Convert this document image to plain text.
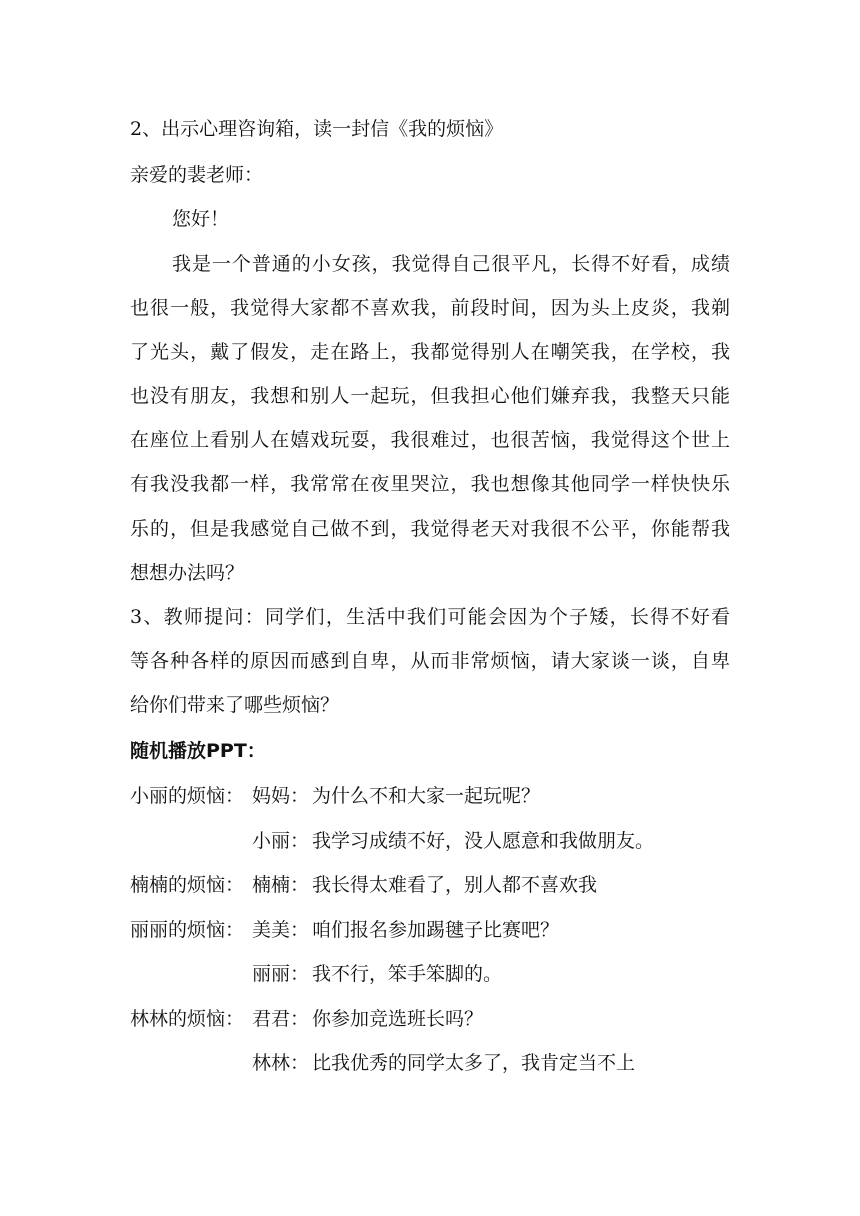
2、出示心理咨询箱，读一封信《我的烦恼》
亲爱的裴老师：
您好！
我是一个普通的小女孩，我觉得自己很平凡，长得不好看，成绩
也很一般，我觉得大家都不喜欢我，前段时间，因为头上皮炎，我剃
了光头，戴了假发，走在路上，我都觉得别人在嘲笑我，在学校，我
也没有朋友，我想和别人一起玩，但我担心他们嫌弃我，我整天只能
在座位上看别人在嬉戏玩耍，我很难过，也很苦恼，我觉得这个世上
有我没我都一样，我常常在夜里哭泣，我也想像其他同学一样快快乐
乐的，但是我感觉自己做不到，我觉得老天对我很不公平，你能帮我
想想办法吗？
3、教师提问：同学们，生活中我们可能会因为个子矮，长得不好看
等各种各样的原因而感到自卑，从而非常烦恼，请大家谈一谈，自卑
给你们带来了哪些烦恼？
随机播放PPT：
小丽的烦恼： 妈妈： 为什么不和大家一起玩呢？
小丽： 我学习成绩不好，没人愿意和我做朋友。
楠楠的烦恼： 楠楠： 我长得太难看了，别人都不喜欢我
丽丽的烦恼： 美美： 咱们报名参加踢毽子比赛吧？
丽丽： 我不行，笨手笨脚的。
林林的烦恼： 君君： 你参加竞选班长吗？
林林： 比我优秀的同学太多了，我肯定当不上
